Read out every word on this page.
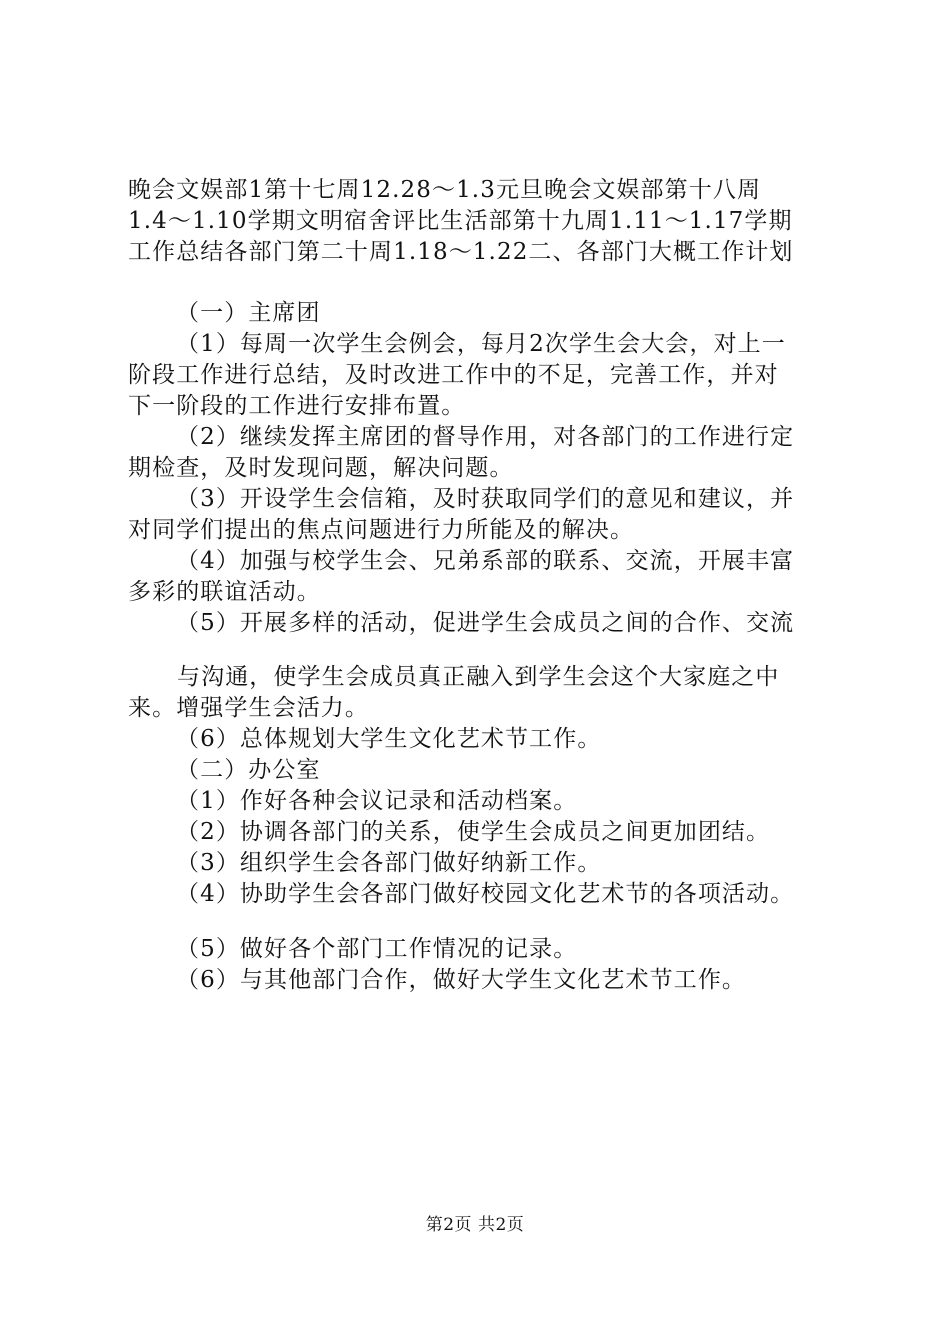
晚会文娱部1第十七周12.28～1.3元旦晚会文娱部第十八周
1.4～1.10学期文明宿舍评比生活部第十九周1.11～1.17学期
工作总结各部门第二十周1.18～1.22二、各部门大概工作计划
（一）主席团
（1）每周一次学生会例会，每月2次学生会大会，对上一
阶段工作进行总结，及时改进工作中的不足，完善工作，并对
下一阶段的工作进行安排布置。
（2）继续发挥主席团的督导作用，对各部门的工作进行定
期检查，及时发现问题，解决问题。
（3）开设学生会信箱，及时获取同学们的意见和建议，并
对同学们提出的焦点问题进行力所能及的解决。
（4）加强与校学生会、兄弟系部的联系、交流，开展丰富
多彩的联谊活动。
（5）开展多样的活动，促进学生会成员之间的合作、交流
与沟通，使学生会成员真正融入到学生会这个大家庭之中
来。增强学生会活力。
（6）总体规划大学生文化艺术节工作。
（二）办公室
（1）作好各种会议记录和活动档案。
（2）协调各部门的关系，使学生会成员之间更加团结。
（3）组织学生会各部门做好纳新工作。
（4）协助学生会各部门做好校园文化艺术节的各项活动。
（5）做好各个部门工作情况的记录。
（6）与其他部门合作，做好大学生文化艺术节工作。
第2页 共2页
